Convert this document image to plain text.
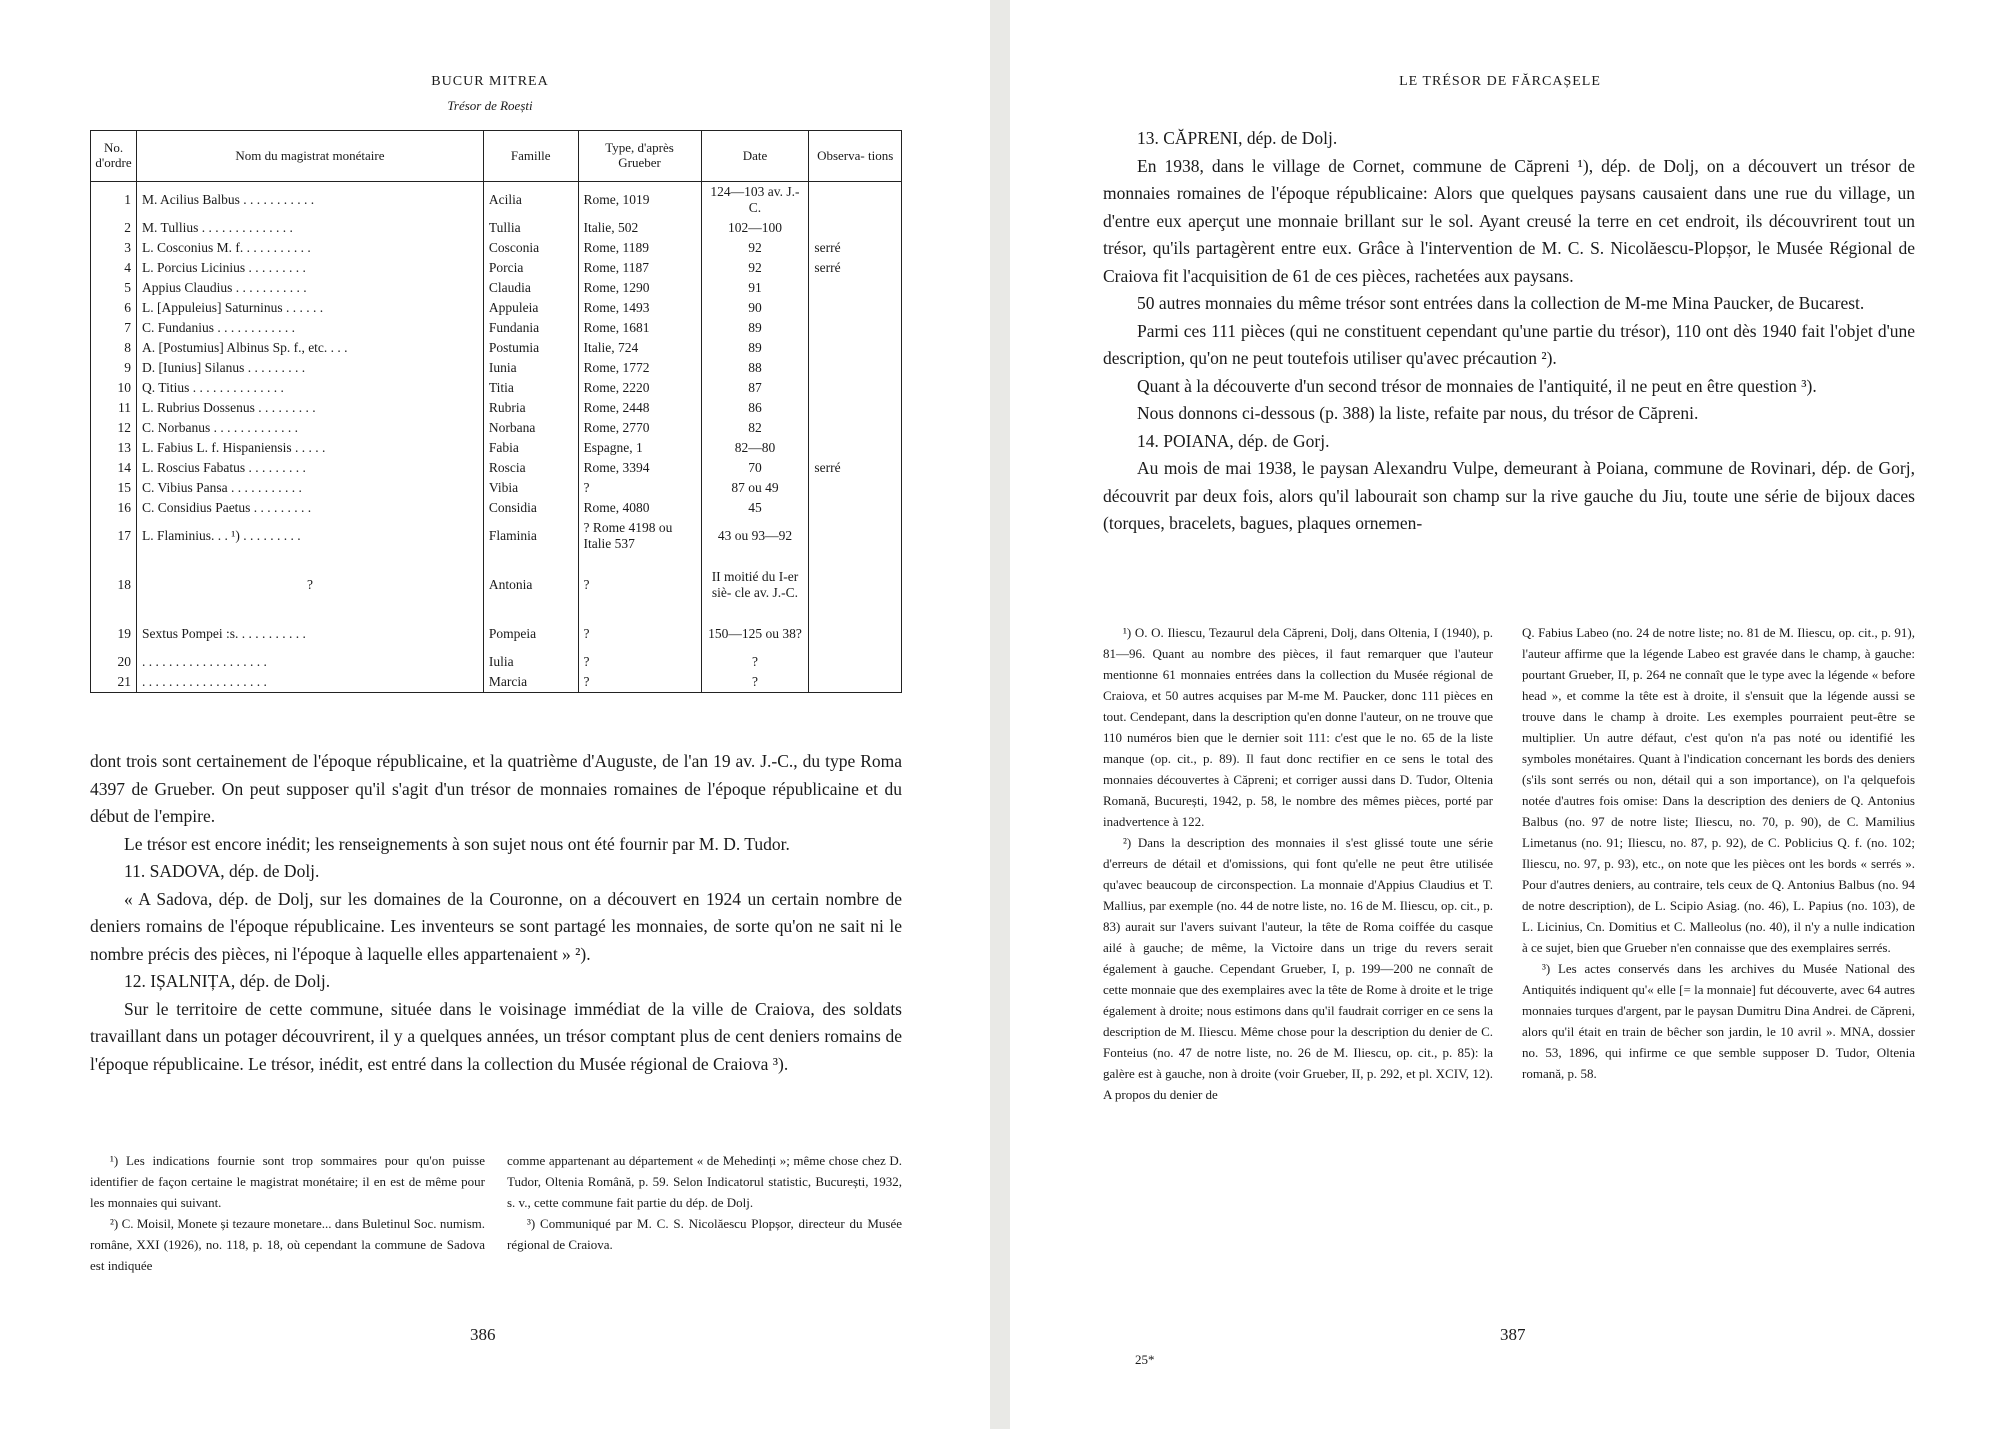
BUCUR MITREA
Trésor de Roești
No. d'ordre	Nom du magistrat monétaire	Famille	Type, d'après Grueber	Date	Observa- tions
1	M. Acilius Balbus . . . . . . . . . . .	Acilia	Rome, 1019	124—103 av. J.-C.	
2	M. Tullius . . . . . . . . . . . . . .	Tullia	Italie, 502	102—100	
3	L. Cosconius M. f. . . . . . . . . . .	Cosconia	Rome, 1189	92	serré
4	L. Porcius Licinius . . . . . . . . .	Porcia	Rome, 1187	92	serré
5	Appius Claudius . . . . . . . . . . .	Claudia	Rome, 1290	91	
6	L. [Appuleius] Saturninus . . . . . .	Appuleia	Rome, 1493	90	
7	C. Fundanius . . . . . . . . . . . .	Fundania	Rome, 1681	89	
8	A. [Postumius] Albinus Sp. f., etc. . . .	Postumia	Italie, 724	89	
9	D. [Iunius] Silanus . . . . . . . . .	Iunia	Rome, 1772	88	
10	Q. Titius . . . . . . . . . . . . . .	Titia	Rome, 2220	87	
11	L. Rubrius Dossenus . . . . . . . . .	Rubria	Rome, 2448	86	
12	C. Norbanus . . . . . . . . . . . . .	Norbana	Rome, 2770	82	
13	L. Fabius L. f. Hispaniensis . . . . .	Fabia	Espagne, 1	82—80	
14	L. Roscius Fabatus . . . . . . . . .	Roscia	Rome, 3394	70	serré
15	C. Vibius Pansa . . . . . . . . . . .	Vibia	?	87 ou 49	
16	C. Considius Paetus . . . . . . . . .	Considia	Rome, 4080	45	
17	L. Flaminius. . . ¹) . . . . . . . . .	Flaminia	? Rome 4198 ou Italie 537	43 ou 93—92	
18	?	Antonia	?	II moitié du I-er siè- cle av. J.-C.	
19	Sextus Pompei :s. . . . . . . . . . .	Pompeia	?	150—125 ou 38?	
20	. . . . . . . . . . . . . . . . . . .	Iulia	?	?	
21	. . . . . . . . . . . . . . . . . . .	Marcia	?	?	

dont trois sont certainement de l'époque républicaine, et la quatrième d'Auguste, de l'an 19 av. J.-C., du type Roma 4397 de Grueber. On peut supposer qu'il s'agit d'un trésor de monnaies romaines de l'époque républicaine et du début de l'empire.

Le trésor est encore inédit; les renseignements à son sujet nous ont été fournir par M. D. Tudor.

11. SADOVA, dép. de Dolj.

« A Sadova, dép. de Dolj, sur les domaines de la Couronne, on a découvert en 1924 un certain nombre de deniers romains de l'époque républicaine. Les inventeurs se sont partagé les monnaies, de sorte qu'on ne sait ni le nombre précis des pièces, ni l'époque à laquelle elles appartenaient » ²).

12. IȘALNIȚA, dép. de Dolj.

Sur le territoire de cette commune, située dans le voisinage immédiat de la ville de Craiova, des soldats travaillant dans un potager découvrirent, il y a quelques années, un trésor comptant plus de cent deniers romains de l'époque républicaine. Le trésor, inédit, est entré dans la collection du Musée régional de Craiova ³).

¹) Les indications fournie sont trop sommaires pour qu'on puisse identifier de façon certaine le magistrat monétaire; il en est de même pour les monnaies qui suivant.

²) C. Moisil, Monete și tezaure monetare... dans Buletinul Soc. numism. române, XXI (1926), no. 118, p. 18, où cependant la commune de Sadova est indiquée

comme appartenant au département « de Mehedinți »; même chose chez D. Tudor, Oltenia Română, p. 59. Selon Indicatorul statistic, București, 1932, s. v., cette commune fait partie du dép. de Dolj.

³) Communiqué par M. C. S. Nicolăescu Plopșor, directeur du Musée régional de Craiova.

386
LE TRÉSOR DE FĂRCAȘELE

13. CĂPRENI, dép. de Dolj.

En 1938, dans le village de Cornet, commune de Căpreni ¹), dép. de Dolj, on a découvert un trésor de monnaies romaines de l'époque républicaine: Alors que quelques paysans causaient dans une rue du village, un d'entre eux aperçut une monnaie brillant sur le sol. Ayant creusé la terre en cet endroit, ils découvrirent tout un trésor, qu'ils partagèrent entre eux. Grâce à l'intervention de M. C. S. Nicolăescu-Plopșor, le Musée Régional de Craiova fit l'acquisition de 61 de ces pièces, rachetées aux paysans.

50 autres monnaies du même trésor sont entrées dans la collection de M-me Mina Paucker, de Bucarest.

Parmi ces 111 pièces (qui ne constituent cependant qu'une partie du trésor), 110 ont dès 1940 fait l'objet d'une description, qu'on ne peut toutefois utiliser qu'avec précaution ²).

Quant à la découverte d'un second trésor de monnaies de l'antiquité, il ne peut en être question ³).

Nous donnons ci-dessous (p. 388) la liste, refaite par nous, du trésor de Căpreni.

14. POIANA, dép. de Gorj.

Au mois de mai 1938, le paysan Alexandru Vulpe, demeurant à Poiana, commune de Rovinari, dép. de Gorj, découvrit par deux fois, alors qu'il labourait son champ sur la rive gauche du Jiu, toute une série de bijoux daces (torques, bracelets, bagues, plaques ornemen-

¹) O. O. Iliescu, Tezaurul dela Căpreni, Dolj, dans Oltenia, I (1940), p. 81—96. Quant au nombre des pièces, il faut remarquer que l'auteur mentionne 61 monnaies entrées dans la collection du Musée régional de Craiova, et 50 autres acquises par M-me M. Paucker, donc 111 pièces en tout. Cendepant, dans la description qu'en donne l'auteur, on ne trouve que 110 numéros bien que le dernier soit 111: c'est que le no. 65 de la liste manque (op. cit., p. 89). Il faut donc rectifier en ce sens le total des monnaies découvertes à Căpreni; et corriger aussi dans D. Tudor, Oltenia Romană, București, 1942, p. 58, le nombre des mêmes pièces, porté par inadvertence à 122.

²) Dans la description des monnaies il s'est glissé toute une série d'erreurs de détail et d'omissions, qui font qu'elle ne peut être utilisée qu'avec beaucoup de circonspection. La monnaie d'Appius Claudius et T. Mallius, par exemple (no. 44 de notre liste, no. 16 de M. Iliescu, op. cit., p. 83) aurait sur l'avers suivant l'auteur, la tête de Roma coiffée du casque ailé à gauche; de même, la Victoire dans un trige du revers serait également à gauche. Cependant Grueber, I, p. 199—200 ne connaît de cette monnaie que des exemplaires avec la tête de Rome à droite et le trige également à droite; nous estimons dans qu'il faudrait corriger en ce sens la description de M. Iliescu. Même chose pour la description du denier de C. Fonteius (no. 47 de notre liste, no. 26 de M. Iliescu, op. cit., p. 85): la galère est à gauche, non à droite (voir Grueber, II, p. 292, et pl. XCIV, 12). A propos du denier de

Q. Fabius Labeo (no. 24 de notre liste; no. 81 de M. Iliescu, op. cit., p. 91), l'auteur affirme que la légende Labeo est gravée dans le champ, à gauche: pourtant Grueber, II, p. 264 ne connaît que le type avec la légende « before head », et comme la tête est à droite, il s'ensuit que la légende aussi se trouve dans le champ à droite. Les exemples pourraient peut-être se multiplier. Un autre défaut, c'est qu'on n'a pas noté ou identifié les symboles monétaires. Quant à l'indication concernant les bords des deniers (s'ils sont serrés ou non, détail qui a son importance), on l'a qelquefois notée d'autres fois omise: Dans la description des deniers de Q. Antonius Balbus (no. 97 de notre liste; Iliescu, no. 70, p. 90), de C. Mamilius Limetanus (no. 91; Iliescu, no. 87, p. 92), de C. Poblicius Q. f. (no. 102; Iliescu, no. 97, p. 93), etc., on note que les pièces ont les bords « serrés ». Pour d'autres deniers, au contraire, tels ceux de Q. Antonius Balbus (no. 94 de notre description), de L. Scipio Asiag. (no. 46), L. Papius (no. 103), de L. Licinius, Cn. Domitius et C. Malleolus (no. 40), il n'y a nulle indication à ce sujet, bien que Grueber n'en connaisse que des exemplaires serrés.

³) Les actes conservés dans les archives du Musée National des Antiquités indiquent qu'« elle [= la monnaie] fut découverte, avec 64 autres monnaies turques d'argent, par le paysan Dumitru Dina Andrei. de Căpreni, alors qu'il était en train de bêcher son jardin, le 10 avril ». MNA, dossier no. 53, 1896, qui infirme ce que semble supposer D. Tudor, Oltenia romană, p. 58.

387
25*
